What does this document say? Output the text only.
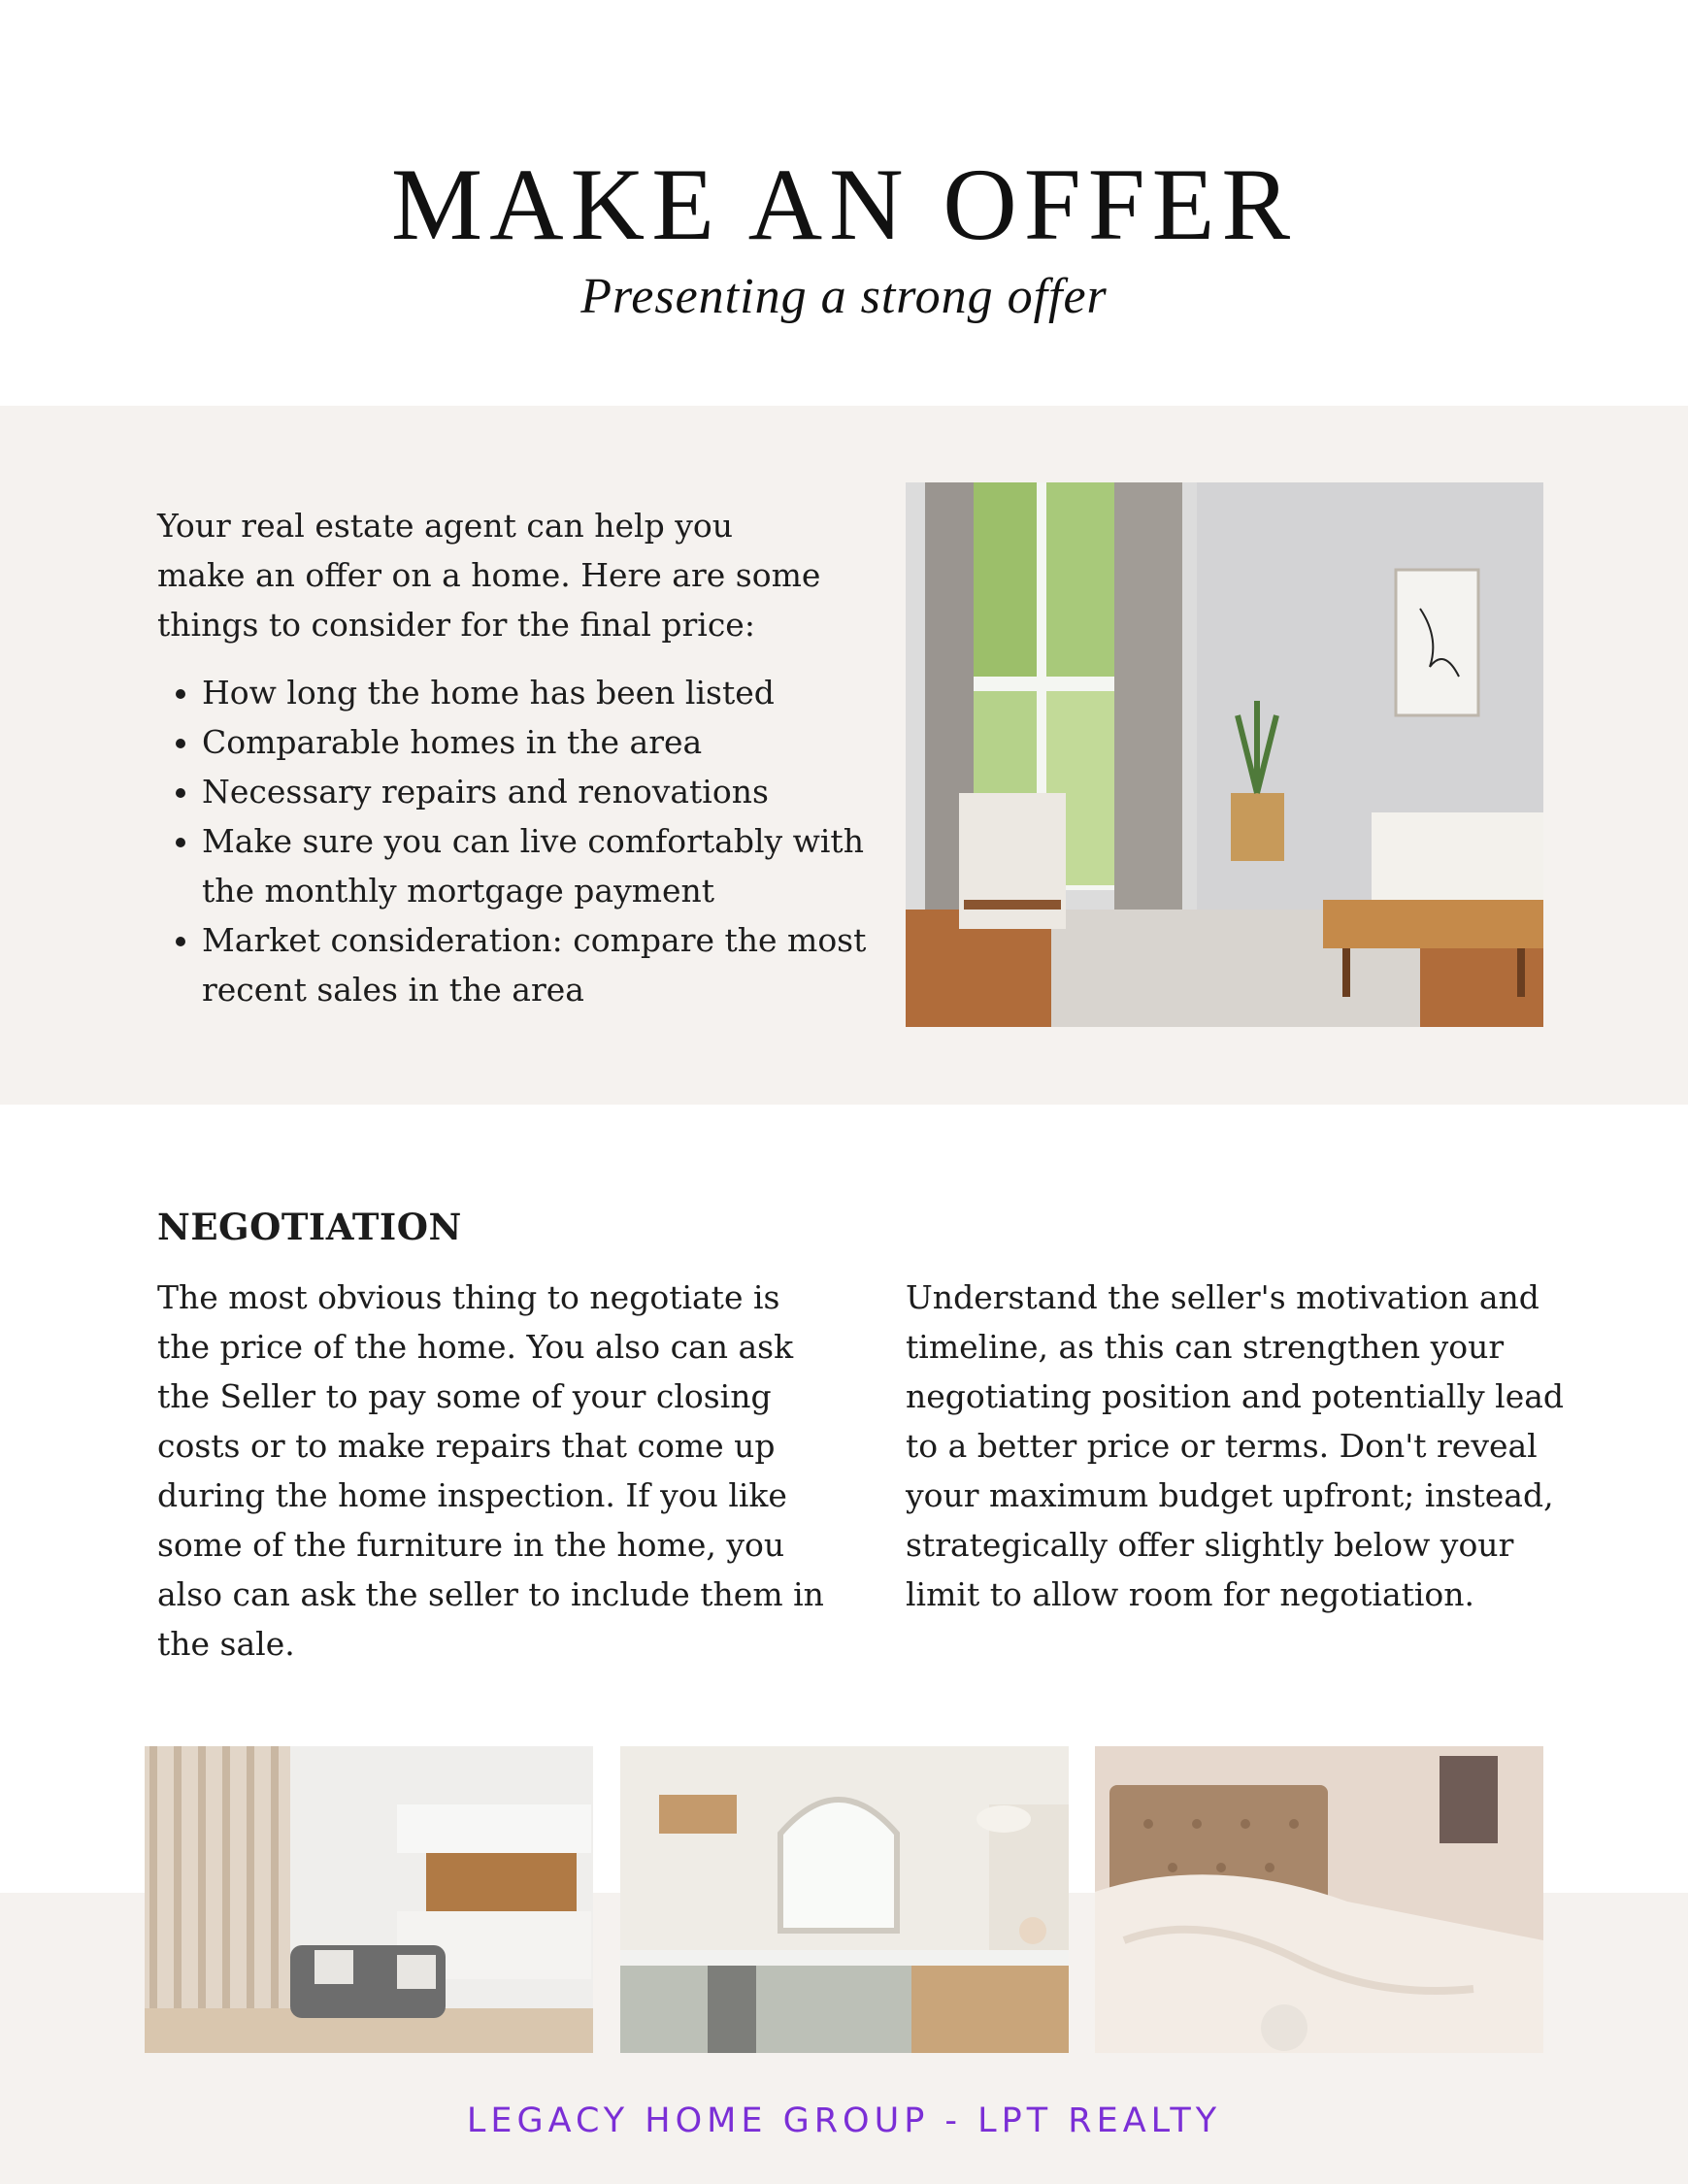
MAKE AN OFFER
Presenting a strong offer

Your real estate agent can help you make an offer on a home. Here are some things to consider for the final price:

• How long the home has been listed
• Comparable homes in the area
• Necessary repairs and renovations
• Make sure you can live comfortably with the monthly mortgage payment
• Market consideration: compare the most recent sales in the area
NEGOTIATION

The most obvious thing to negotiate is the price of the home. You also can ask the Seller to pay some of your closing costs or to make repairs that come up during the home inspection. If you like some of the furniture in the home, you also can ask the seller to include them in the sale.

Understand the seller's motivation and timeline, as this can strengthen your negotiating position and potentially lead to a better price or terms. Don't reveal your maximum budget upfront; instead, strategically offer slightly below your limit to allow room for negotiation.

LEGACY HOME GROUP - LPT REALTY
